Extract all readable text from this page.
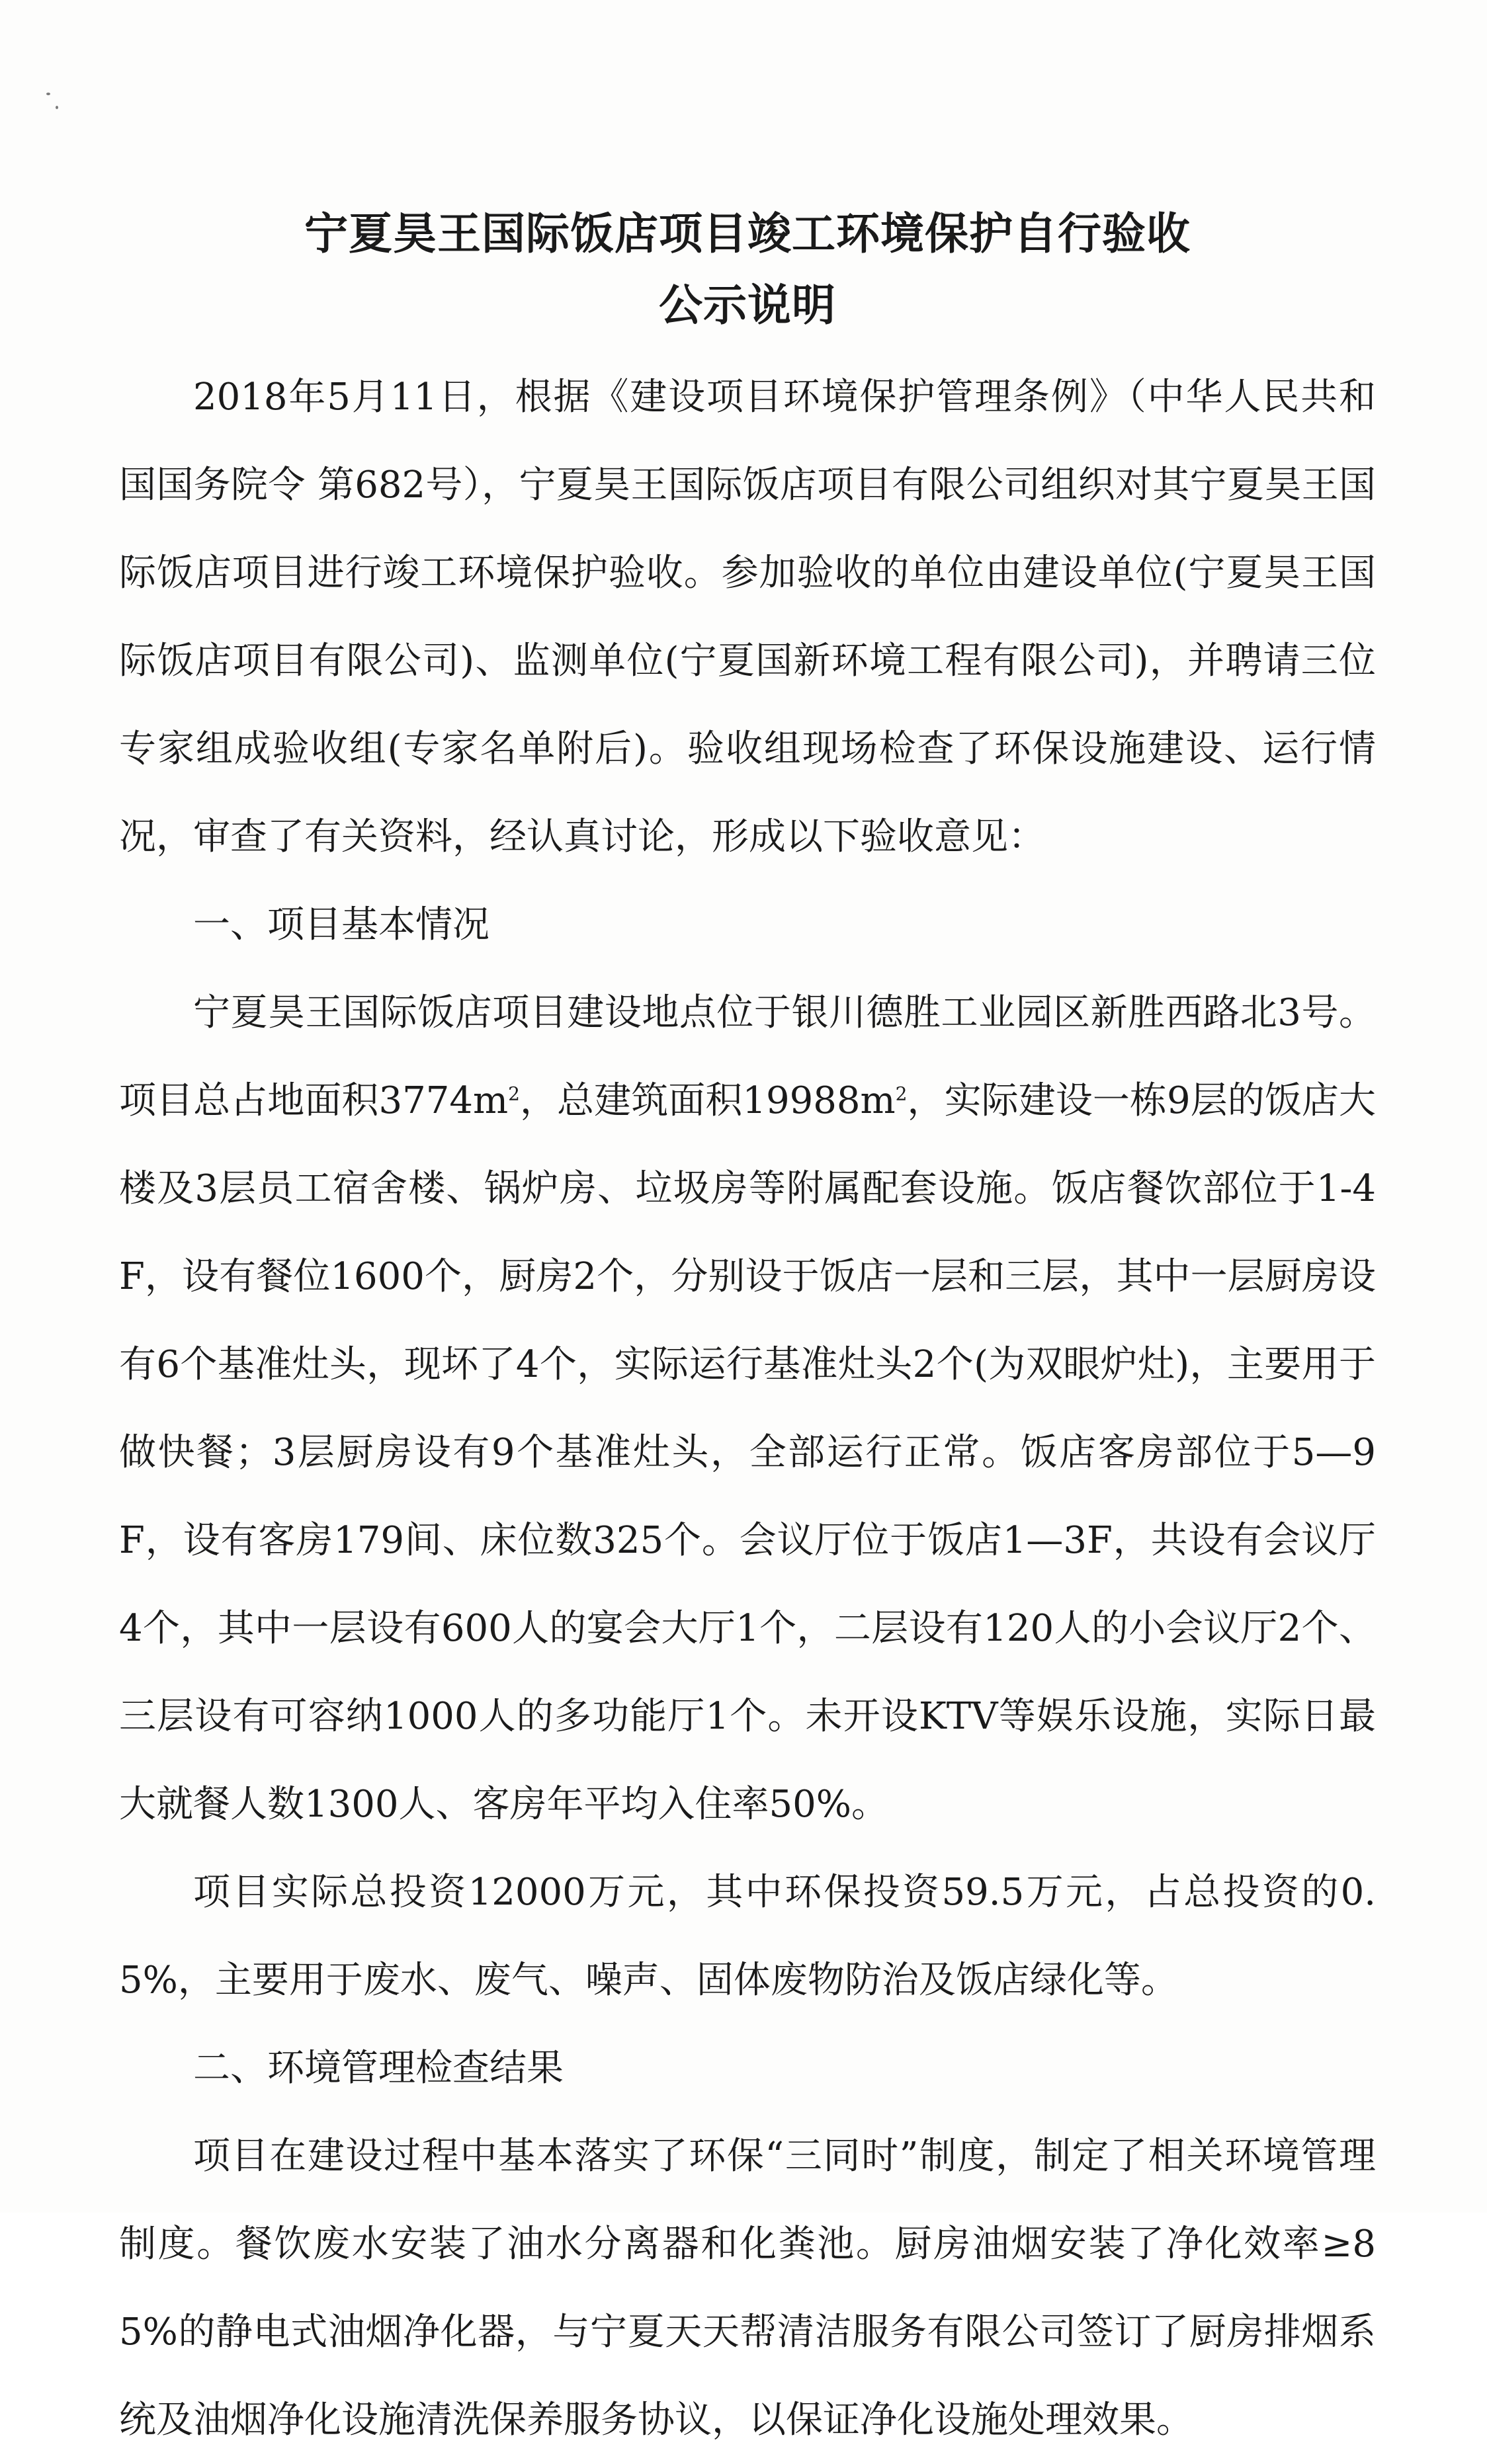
宁夏昊王国际饭店项目竣工环境保护自行验收
公示说明

2018年5月11日，根据《建设项目环境保护管理条例》（中华人民共和国国务院令 第682号），宁夏昊王国际饭店项目有限公司组织对其宁夏昊王国际饭店项目进行竣工环境保护验收。参加验收的单位由建设单位(宁夏昊王国际饭店项目有限公司)、监测单位(宁夏国新环境工程有限公司)，并聘请三位专家组成验收组(专家名单附后)。验收组现场检查了环保设施建设、运行情况，审查了有关资料，经认真讨论，形成以下验收意见：

一、项目基本情况

宁夏昊王国际饭店项目建设地点位于银川德胜工业园区新胜西路北3号。项目总占地面积$3774m^2$，总建筑面积$19988m^2$，实际建设一栋9层的饭店大楼及3层员工宿舍楼、锅炉房、垃圾房等附属配套设施。饭店餐饮部位于1-4F，设有餐位1600个，厨房2个，分别设于饭店一层和三层，其中一层厨房设有6个基准灶头，现坏了4个，实际运行基准灶头2个(为双眼炉灶)，主要用于做快餐；3层厨房设有9个基准灶头，全部运行正常。饭店客房部位于5—9F，设有客房179间、床位数325个。会议厅位于饭店1—3F，共设有会议厅4个，其中一层设有600人的宴会大厅1个，二层设有120人的小会议厅2个、三层设有可容纳1000人的多功能厅1个。未开设KTV等娱乐设施，实际日最大就餐人数1300人、客房年平均入住率50%。

项目实际总投资12000万元，其中环保投资59.5万元，占总投资的0.5%，主要用于废水、废气、噪声、固体废物防治及饭店绿化等。

二、环境管理检查结果

项目在建设过程中基本落实了环保“三同时”制度，制定了相关环境管理制度。餐饮废水安装了油水分离器和化粪池。厨房油烟安装了净化效率≥85%的静电式油烟净化器，与宁夏天天帮清洁服务有限公司签订了厨房排烟系统及油烟净化设施清洗保养服务协议，以保证净化设施处理效果。
